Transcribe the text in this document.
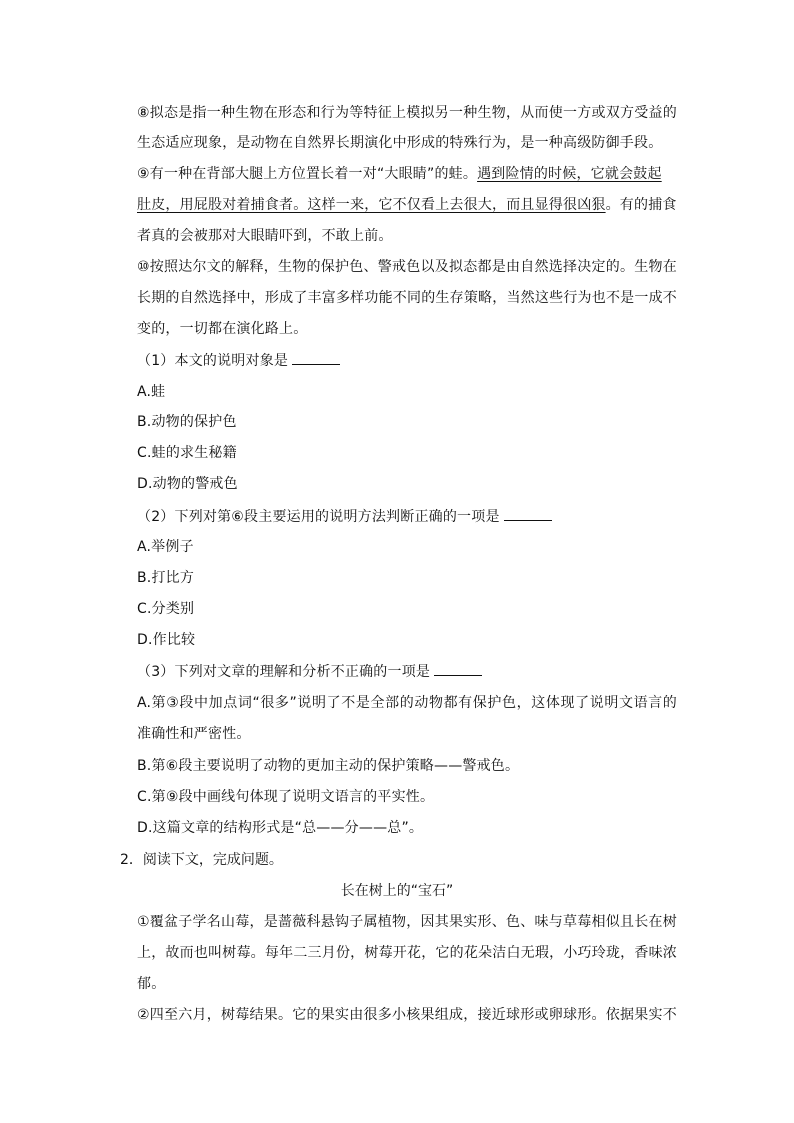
⑧拟态是指一种生物在形态和行为等特征上模拟另一种生物，从而使一方或双方受益的
生态适应现象，是动物在自然界长期演化中形成的特殊行为，是一种高级防御手段。
⑨有一种在背部大腿上方位置长着一对“大眼睛”的蛙。遇到险情的时候，它就会鼓起
肚皮，用屁股对着捕食者。这样一来，它不仅看上去很大，而且显得很凶狠。有的捕食
者真的会被那对大眼睛吓到，不敢上前。
⑩按照达尔文的解释，生物的保护色、警戒色以及拟态都是由自然选择决定的。生物在
长期的自然选择中，形成了丰富多样功能不同的生存策略，当然这些行为也不是一成不
变的，一切都在演化路上。
（1）本文的说明对象是
A.蛙
B.动物的保护色
C.蛙的求生秘籍
D.动物的警戒色
（2）下列对第⑥段主要运用的说明方法判断正确的一项是
A.举例子
B.打比方
C.分类别
D.作比较
（3）下列对文章的理解和分析不正确的一项是
A.第③段中加点词“很多”说明了不是全部的动物都有保护色，这体现了说明文语言的
准确性和严密性。
B.第⑥段主要说明了动物的更加主动的保护策略——警戒色。
C.第⑨段中画线句体现了说明文语言的平实性。
D.这篇文章的结构形式是“总——分——总”。
2．阅读下文，完成问题。
长在树上的“宝石”
①覆盆子学名山莓，是蔷薇科悬钩子属植物，因其果实形、色、味与草莓相似且长在树
上，故而也叫树莓。每年二三月份，树莓开花，它的花朵洁白无瑕，小巧玲珑，香味浓
郁。
②四至六月，树莓结果。它的果实由很多小核果组成，接近球形或卵球形。依据果实不
